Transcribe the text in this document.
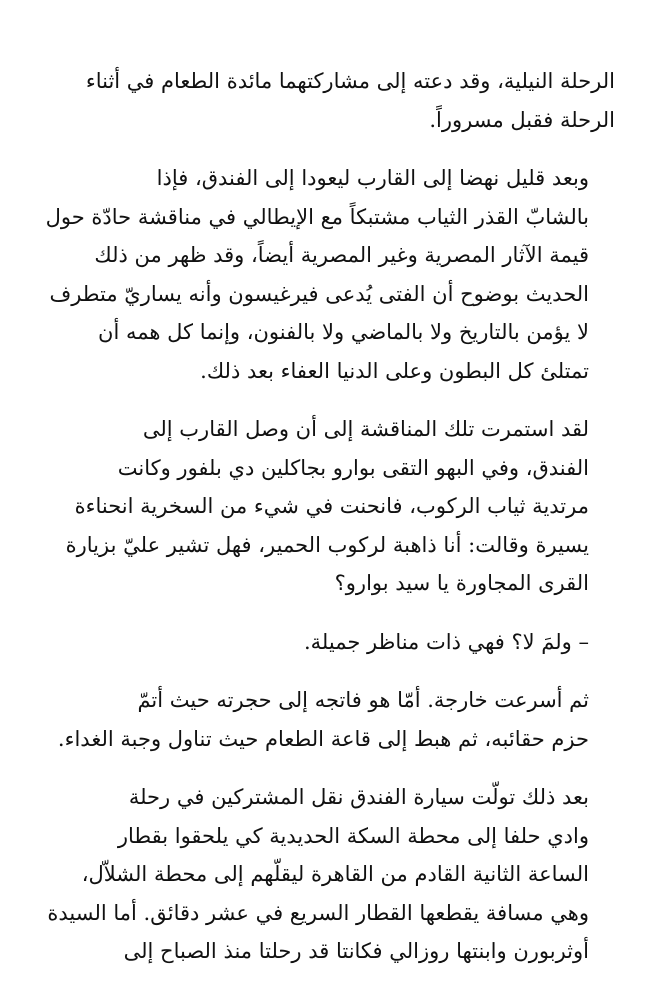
الرحلة النيلية، وقد دعته إلى مشاركتهما مائدة الطعام في أثناء
الرحلة فقبل مسروراً.

وبعد قليل نهضا إلى القارب ليعودا إلى الفندق، فإذا
بالشابّ القذر الثياب مشتبكاً مع الإيطالي في مناقشة حادّة حول
قيمة الآثار المصرية وغير المصرية أيضاً، وقد ظهر من ذلك
الحديث بوضوح أن الفتى يُدعى فيرغيسون وأنه يساريّ متطرف
لا يؤمن بالتاريخ ولا بالماضي ولا بالفنون، وإنما كل همه أن
تمتلئ كل البطون وعلى الدنيا العفاء بعد ذلك.

لقد استمرت تلك المناقشة إلى أن وصل القارب إلى
الفندق، وفي البهو التقى بوارو بجاكلين دي بلفور وكانت
مرتدية ثياب الركوب، فانحنت في شيء من السخرية انحناءة
يسيرة وقالت: أنا ذاهبة لركوب الحمير، فهل تشير عليّ بزيارة
القرى المجاورة يا سيد بوارو؟

– ولمَ لا؟ فهي ذات مناظر جميلة.

ثم أسرعت خارجة. أمّا هو فاتجه إلى حجرته حيث أتمّ
حزم حقائبه، ثم هبط إلى قاعة الطعام حيث تناول وجبة الغداء.

بعد ذلك تولّت سيارة الفندق نقل المشتركين في رحلة
وادي حلفا إلى محطة السكة الحديدية كي يلحقوا بقطار
الساعة الثانية القادم من القاهرة ليقلّهم إلى محطة الشلاّل،
وهي مسافة يقطعها القطار السريع في عشر دقائق. أما السيدة
أوثربورن وابنتها روزالي فكانتا قد رحلتا منذ الصباح إلى
